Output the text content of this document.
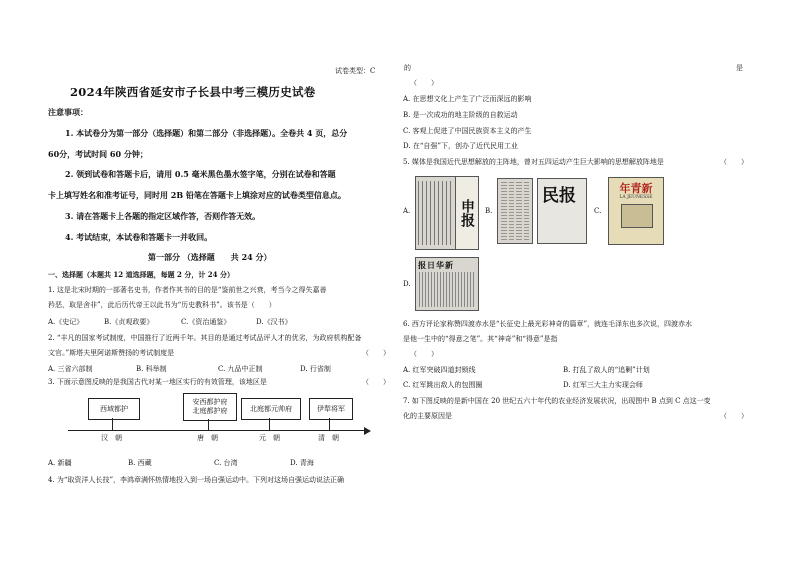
试卷类型：C
2024年陕西省延安市子长县中考三模历史试卷
注意事项：
1. 本试卷分为第一部分（选择题）和第二部分（非选择题）。全卷共 4 页，总分
60分，考试时间 60 分钟；
2. 领到试卷和答题卡后，请用 0.5 毫米黑色墨水签字笔，分别在试卷和答题
卡上填写姓名和准考证号，同时用 2B 铅笔在答题卡上填涂对应的试卷类型信息点。
3. 请在答题卡上各题的指定区域作答，否则作答无效。
4. 考试结束，本试卷和答题卡一并收回。
第一部分 （选择题　　共 24 分）
一、选择题（本题共 12 道选择题，每题 2 分，计 24 分）
1. 这是北宋时期的一部著名史书，作者作其书的目的是“鉴前世之兴衰，考当今之得失嘉善
矜恶，取是舍非”，此后历代帝王以此书为“历史教科书”。该书是（　　）
A.《史记》	B.《贞观政要》	C.《资治通鉴》	D.《汉书》
2. “丰凡的国家考试制度，中国推行了近两千年。其目的是通过考试品评人才的优劣，为政府机构配备
文官。”斯塔夫里阿诺斯赞扬的考试制度是	（　　）
A. 三省六部制	B. 科举制	C. 九品中正制	D. 行省制
3. 下面示意图反映的是我国古代对某一地区实行的有效管理，该地区是	（　　）
西域都护
安西都护府
北庭都护府	北庭都元帅府	伊犁将军
汉　朝	唐　朝	元　朝	清　朝
A. 新疆	B. 西藏	C. 台湾	D. 青海
4. 为“取资洋人长技”，李鸿章满怀热情地投入到一场自强运动中。下列对这场自强运动说法正确
的	是
（　　）
A. 在思想文化上产生了广泛而深远的影响
B. 是一次成功的地主阶级的自救运动
C. 客观上促进了中国民族资本主义的产生
D. 在“自强”下，创办了近代民用工业
5. 媒体是我国近代思想解放的主阵地，曾对五四运动产生巨大影响的思想解放阵地是	（　　）
A.	申报	B.
民报
C.
年青新
LA JEUNESSE
D.
报日华新
6. 西方评论家称赞四渡赤水是“长征史上最光彩神奇的篇章”，就连毛泽东也多次说，四渡赤水
是他一生中的“得意之笔”。其“神奇”和“得意”是指
（　　）
A. 红军突破四道封锁线	B. 打乱了敌人的“追剿”计划
C. 红军跳出敌人的包围圈	D. 红军三大主力实现会师
7. 如下图反映的是新中国在 20 世纪五六十年代的农业经济发展状况，出现图中 B 点到 C 点这一变
化的主要原因是	（　　）
